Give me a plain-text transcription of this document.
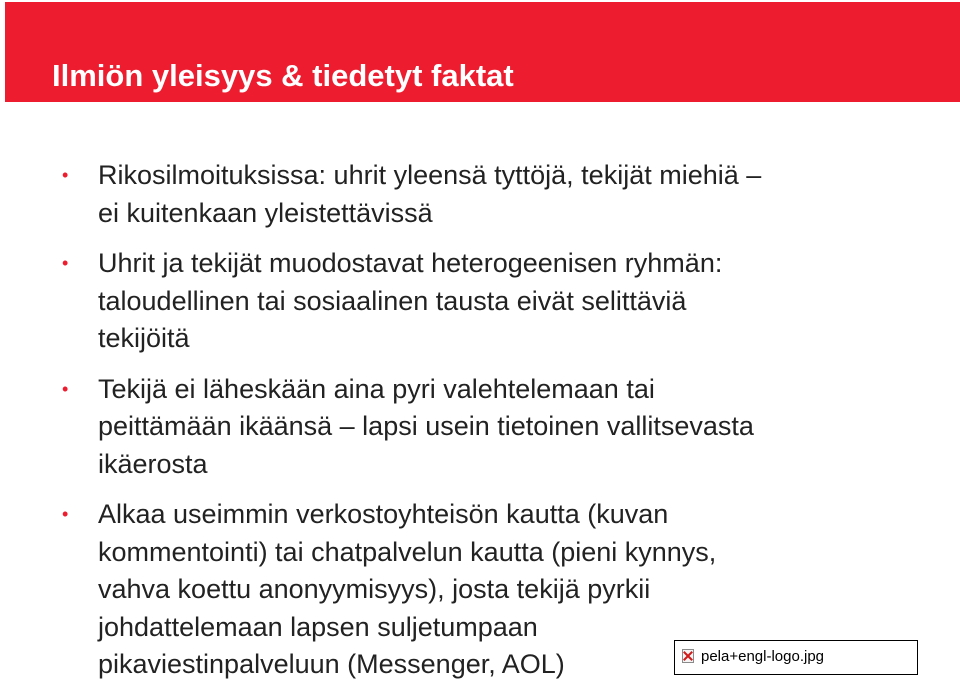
Ilmiön yleisyys & tiedetyt faktat
• Rikosilmoituksissa: uhrit yleensä tyttöjä, tekijät miehiä –
ei kuitenkaan yleistettävissä
• Uhrit ja tekijät muodostavat heterogeenisen ryhmän:
taloudellinen tai sosiaalinen tausta eivät selittäviä
tekijöitä
• Tekijä ei läheskään aina pyri valehtelemaan tai
peittämään ikäänsä – lapsi usein tietoinen vallitsevasta
ikäerosta
• Alkaa useimmin verkostoyhteisön kautta (kuvan
kommentointi) tai chatpalvelun kautta (pieni kynnys,
vahva koettu anonyymisyys), josta tekijä pyrkii
johdattelemaan lapsen suljetumpaan
pikaviestinpalveluun (Messenger, AOL)	pela+engl-logo.jpg
